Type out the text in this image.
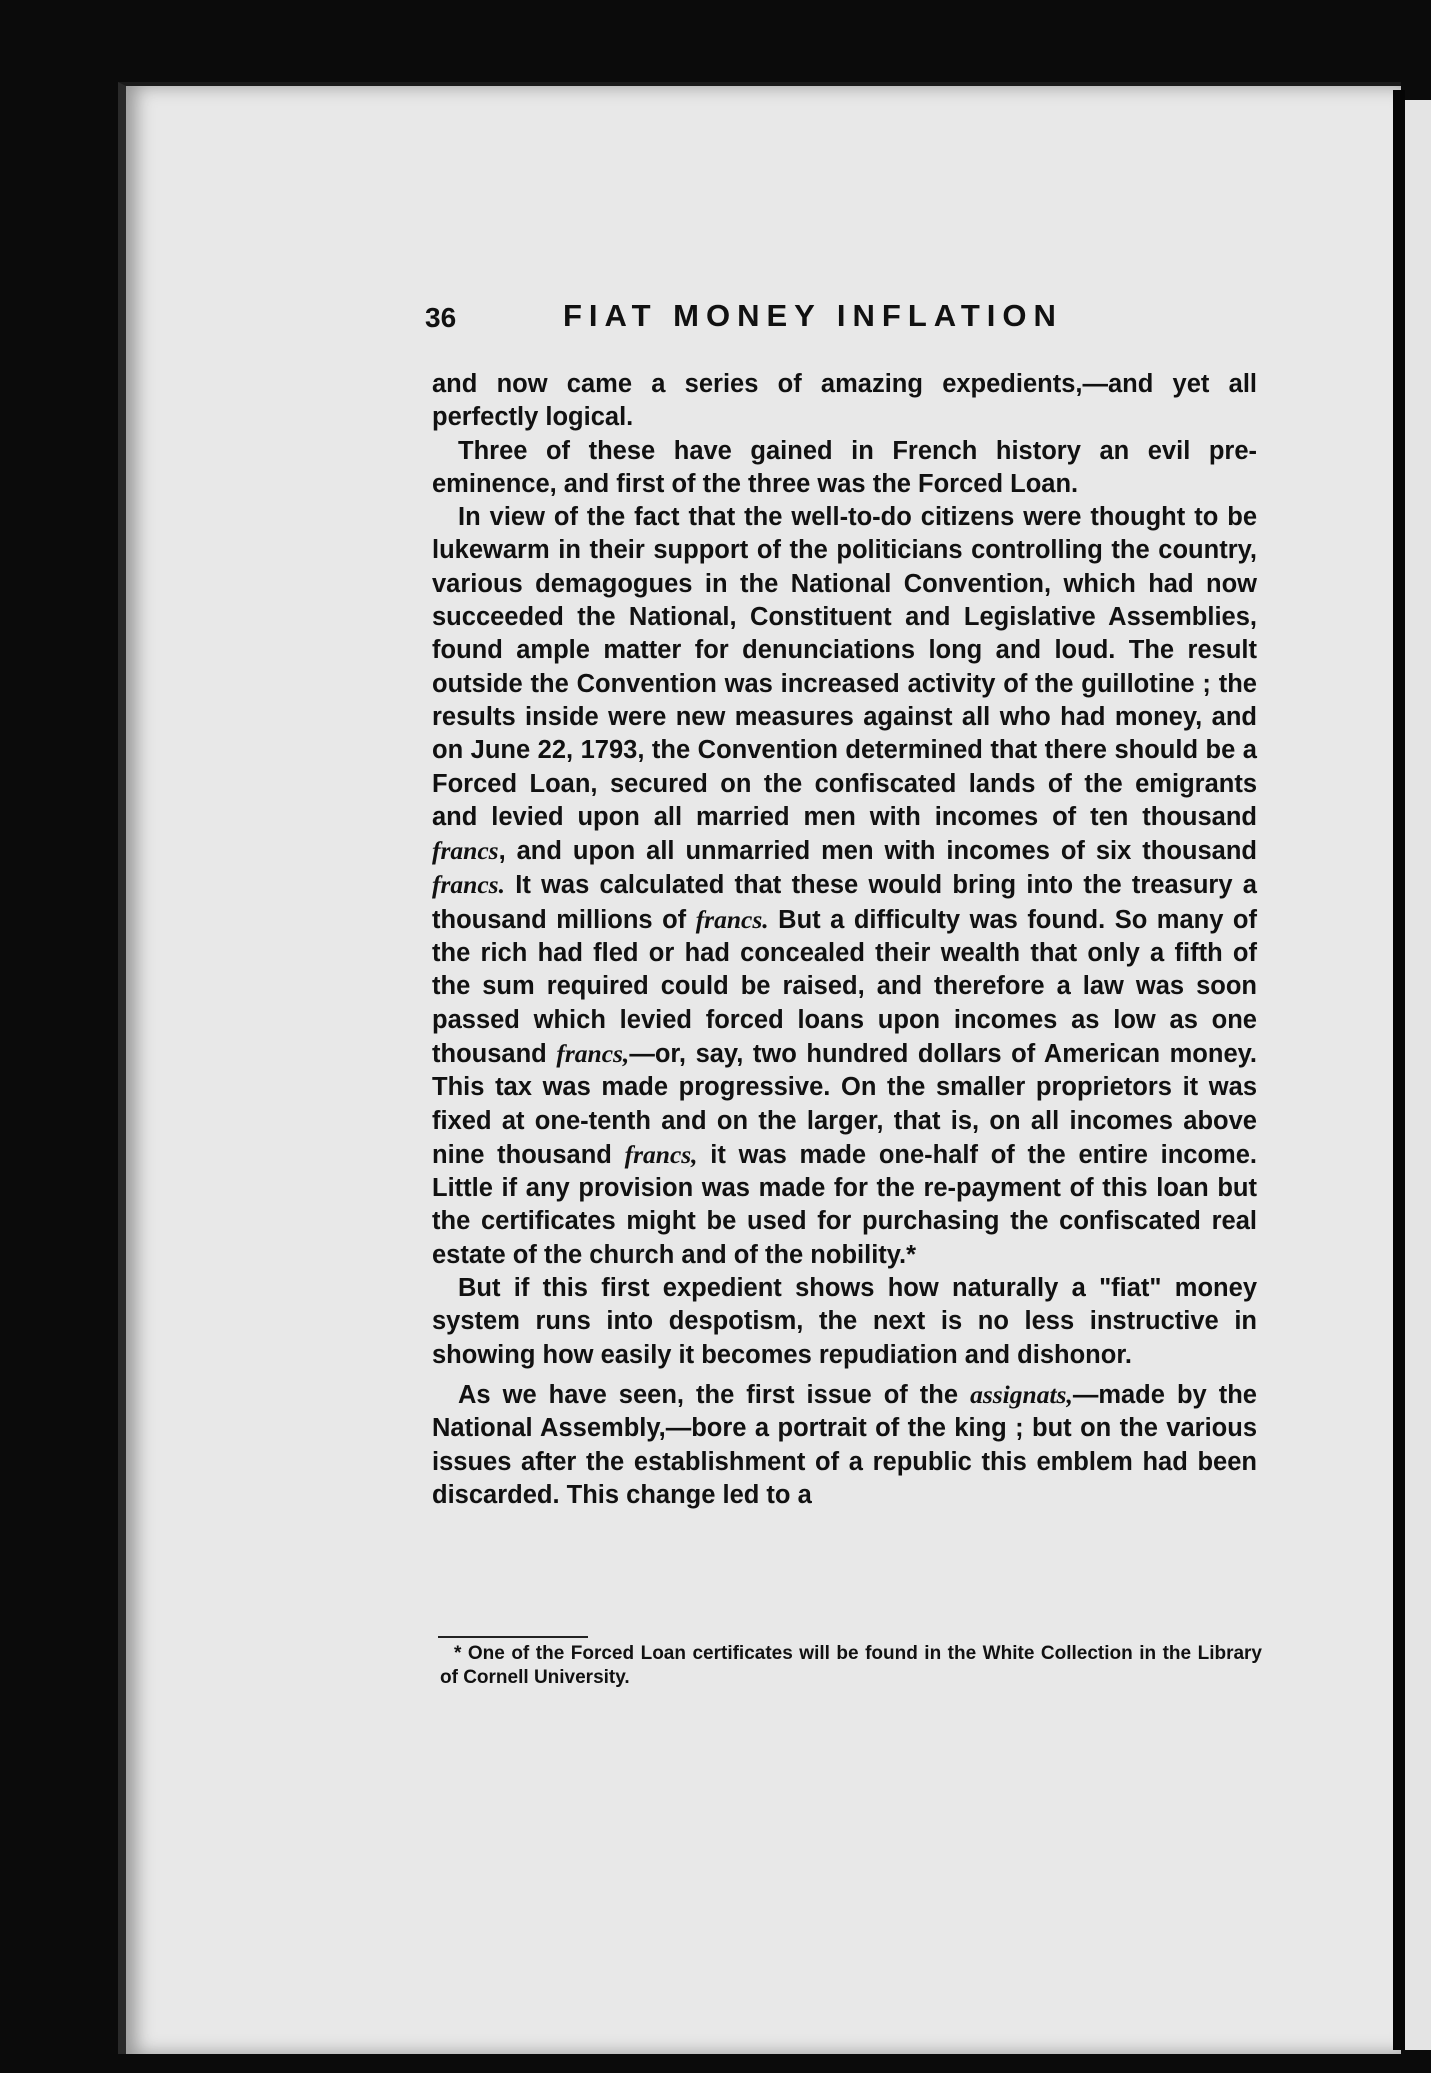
36	FIAT MONEY INFLATION

and now came a series of amazing expedients,—and yet all perfectly logical.

Three of these have gained in French history an evil pre-eminence, and first of the three was the Forced Loan.

In view of the fact that the well-to-do citizens were thought to be lukewarm in their support of the politicians controlling the country, various demagogues in the National Convention, which had now succeeded the National, Constituent and Legislative Assemblies, found ample matter for denunciations long and loud. The result outside the Convention was increased activity of the guillotine ; the results inside were new measures against all who had money, and on June 22, 1793, the Convention determined that there should be a Forced Loan, secured on the confiscated lands of the emigrants and levied upon all married men with incomes of ten thousand francs, and upon all unmarried men with incomes of six thousand francs. It was calculated that these would bring into the treasury a thousand millions of francs. But a difficulty was found. So many of the rich had fled or had concealed their wealth that only a fifth of the sum required could be raised, and therefore a law was soon passed which levied forced loans upon incomes as low as one thousand francs,—or, say, two hundred dollars of American money. This tax was made progressive. On the smaller proprietors it was fixed at one-tenth and on the larger, that is, on all incomes above nine thousand francs, it was made one-half of the entire income. Little if any provision was made for the re-payment of this loan but the certificates might be used for purchasing the confiscated real estate of the church and of the nobility.*

But if this first expedient shows how naturally a "fiat" money system runs into despotism, the next is no less instructive in showing how easily it becomes repudiation and dishonor.

As we have seen, the first issue of the assignats,—made by the National Assembly,—bore a portrait of the king ; but on the various issues after the establishment of a republic this emblem had been discarded. This change led to a

* One of the Forced Loan certificates will be found in the White Collection in the Library of Cornell University.
